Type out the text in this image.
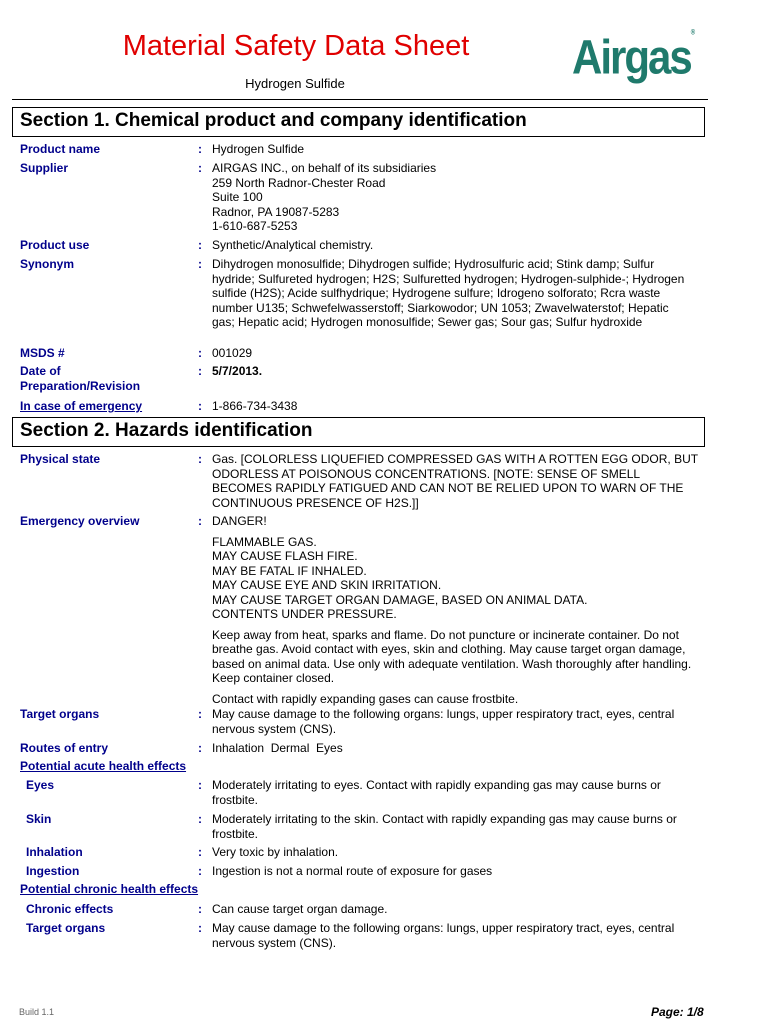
Material Safety Data Sheet
Hydrogen Sulfide	Airgas®
Section 1. Chemical product and company identification
Product name	: Hydrogen Sulfide
Supplier	: AIRGAS INC., on behalf of its subsidiaries
259 North Radnor-Chester Road
Suite 100
Radnor, PA 19087-5283
1-610-687-5253
Product use	: Synthetic/Analytical chemistry.
Synonym	: Dihydrogen monosulfide; Dihydrogen sulfide; Hydrosulfuric acid; Stink damp; Sulfur hydride; Sulfureted hydrogen; H2S; Sulfuretted hydrogen; Hydrogen-sulphide-; Hydrogen sulfide (H2S); Acide sulfhydrique; Hydrogene sulfure; Idrogeno solforato; Rcra waste number U135; Schwefelwasserstoff; Siarkowodor; UN 1053; Zwavelwaterstof; Hepatic gas; Hepatic acid; Hydrogen monosulfide; Sewer gas; Sour gas; Sulfur hydroxide
MSDS #	: 001029
Date of
Preparation/Revision
: 5/7/2013.
In case of emergency	: 1-866-734-3438
Section 2. Hazards identification
Physical state	: Gas. [COLORLESS LIQUEFIED COMPRESSED GAS WITH A ROTTEN EGG ODOR, BUT ODORLESS AT POISONOUS CONCENTRATIONS. [NOTE: SENSE OF SMELL BECOMES RAPIDLY FATIGUED AND CAN NOT BE RELIED UPON TO WARN OF THE CONTINUOUS PRESENCE OF H2S.]]
Emergency overview	: DANGER!
FLAMMABLE GAS.
MAY CAUSE FLASH FIRE.
MAY BE FATAL IF INHALED.
MAY CAUSE EYE AND SKIN IRRITATION.
MAY CAUSE TARGET ORGAN DAMAGE, BASED ON ANIMAL DATA.
CONTENTS UNDER PRESSURE.
Keep away from heat, sparks and flame. Do not puncture or incinerate container. Do not breathe gas. Avoid contact with eyes, skin and clothing. May cause target organ damage, based on animal data. Use only with adequate ventilation. Wash thoroughly after handling. Keep container closed.
Contact with rapidly expanding gases can cause frostbite.
Target organs	: May cause damage to the following organs: lungs, upper respiratory tract, eyes, central nervous system (CNS).
Routes of entry	: Inhalation  Dermal  Eyes
Potential acute health effects
Eyes	: Moderately irritating to eyes. Contact with rapidly expanding gas may cause burns or frostbite.
Skin	: Moderately irritating to the skin. Contact with rapidly expanding gas may cause burns or frostbite.
Inhalation	: Very toxic by inhalation.
Ingestion	: Ingestion is not a normal route of exposure for gases
Potential chronic health effects
Chronic effects	: Can cause target organ damage.
Target organs	: May cause damage to the following organs: lungs, upper respiratory tract, eyes, central nervous system (CNS).
Build 1.1	Page: 1/8
